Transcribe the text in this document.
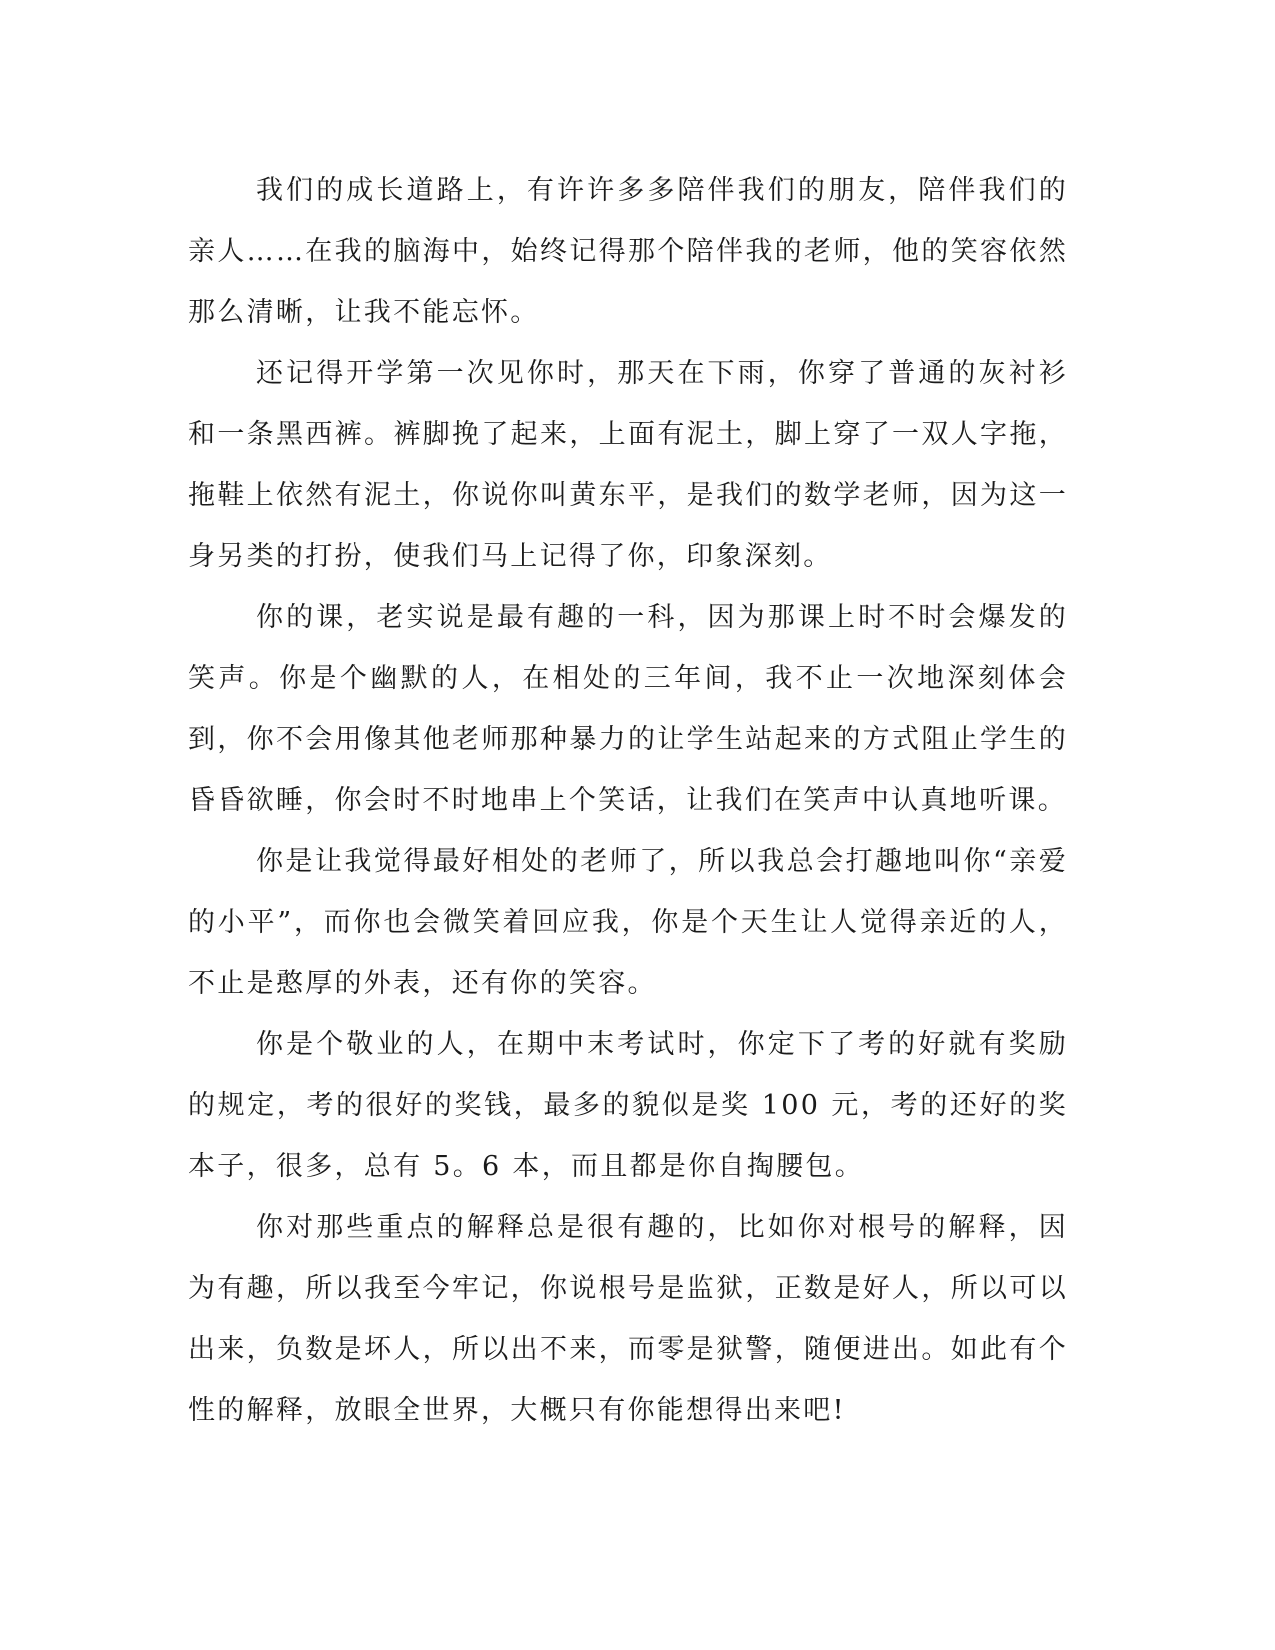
我们的成长道路上，有许许多多陪伴我们的朋友，陪伴我们的亲人……在我的脑海中，始终记得那个陪伴我的老师，他的笑容依然那么清晰，让我不能忘怀。

还记得开学第一次见你时，那天在下雨，你穿了普通的灰衬衫和一条黑西裤。裤脚挽了起来，上面有泥土，脚上穿了一双人字拖，拖鞋上依然有泥土，你说你叫黄东平，是我们的数学老师，因为这一身另类的打扮，使我们马上记得了你，印象深刻。

你的课，老实说是最有趣的一科，因为那课上时不时会爆发的笑声。你是个幽默的人，在相处的三年间，我不止一次地深刻体会到，你不会用像其他老师那种暴力的让学生站起来的方式阻止学生的昏昏欲睡，你会时不时地串上个笑话，让我们在笑声中认真地听课。

你是让我觉得最好相处的老师了，所以我总会打趣地叫你“亲爱的小平”，而你也会微笑着回应我，你是个天生让人觉得亲近的人，不止是憨厚的外表，还有你的笑容。

你是个敬业的人，在期中末考试时，你定下了考的好就有奖励的规定，考的很好的奖钱，最多的貌似是奖 100 元，考的还好的奖本子，很多，总有 5。6 本，而且都是你自掏腰包。

你对那些重点的解释总是很有趣的，比如你对根号的解释，因为有趣，所以我至今牢记，你说根号是监狱，正数是好人，所以可以出来，负数是坏人，所以出不来，而零是狱警，随便进出。如此有个性的解释，放眼全世界，大概只有你能想得出来吧!
